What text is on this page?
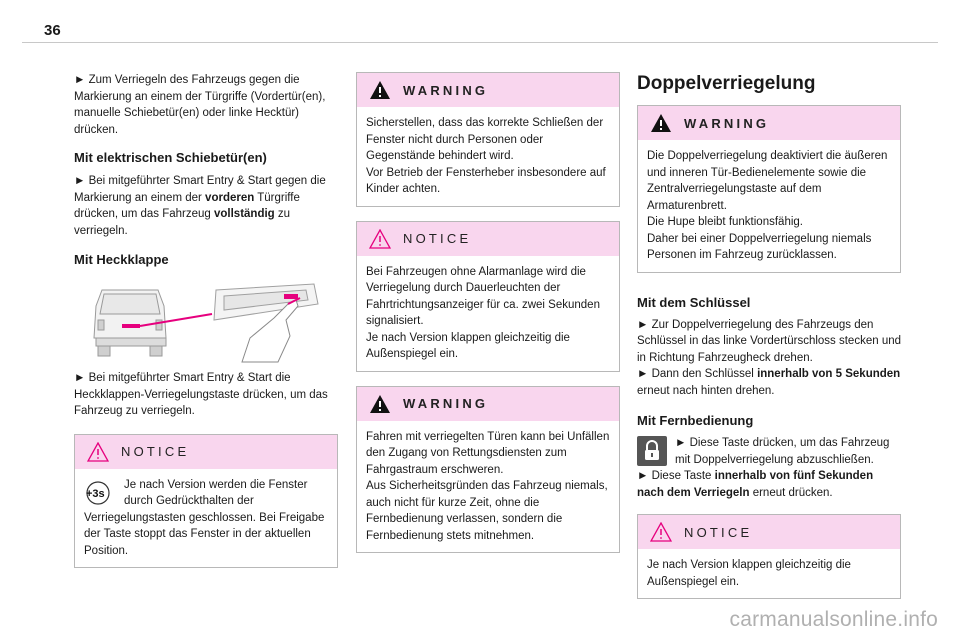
36

► Zum Verriegeln des Fahrzeugs gegen die Markierung an einem der Türgriffe (Vordertür(en), manuelle Schiebetür(en) oder linke Hecktür) drücken.

Mit elektrischen Schiebetür(en)

► Bei mitgeführter Smart Entry & Start gegen die Markierung an einem der vorderen Türgriffe drücken, um das Fahrzeug vollständig zu verriegeln.

Mit Heckklappe

► Bei mitgeführter Smart Entry & Start die Heckklappen-Verriegelungstaste drücken, um das Fahrzeug zu verriegeln.

NOTICE
+3s

Je nach Version werden die Fenster durch Gedrückthalten der Verriegelungstasten geschlossen. Bei Freigabe der Taste stoppt das Fenster in der aktuellen Position.

WARNING

Sicherstellen, dass das korrekte Schließen der Fenster nicht durch Personen oder Gegenstände behindert wird.

Vor Betrieb der Fensterheber insbesondere auf Kinder achten.

NOTICE

Bei Fahrzeugen ohne Alarmanlage wird die Verriegelung durch Dauerleuchten der Fahrtrichtungsanzeiger für ca. zwei Sekunden signalisiert.

Je nach Version klappen gleichzeitig die Außenspiegel ein.

WARNING

Fahren mit verriegelten Türen kann bei Unfällen den Zugang von Rettungsdiensten zum Fahrgastraum erschweren.

Aus Sicherheitsgründen das Fahrzeug niemals, auch nicht für kurze Zeit, ohne die Fernbedienung verlassen, sondern die Fernbedienung stets mitnehmen.

Doppelverriegelung
WARNING

Die Doppelverriegelung deaktiviert die äußeren und inneren Tür-Bedienelemente sowie die Zentralverriegelungstaste auf dem Armaturenbrett.

Die Hupe bleibt funktionsfähig.

Daher bei einer Doppelverriegelung niemals Personen im Fahrzeug zurücklassen.

Mit dem Schlüssel

► Zur Doppelverriegelung des Fahrzeugs den Schlüssel in das linke Vordertürschloss stecken und in Richtung Fahrzeugheck drehen.

► Dann den Schlüssel innerhalb von 5 Sekunden erneut nach hinten drehen.

Mit Fernbedienung

► Diese Taste drücken, um das Fahrzeug mit Doppelverriegelung abzuschließen.

► Diese Taste innerhalb von fünf Sekunden nach dem Verriegeln erneut drücken.

NOTICE

Je nach Version klappen gleichzeitig die Außenspiegel ein.

carmanualsonline.info
